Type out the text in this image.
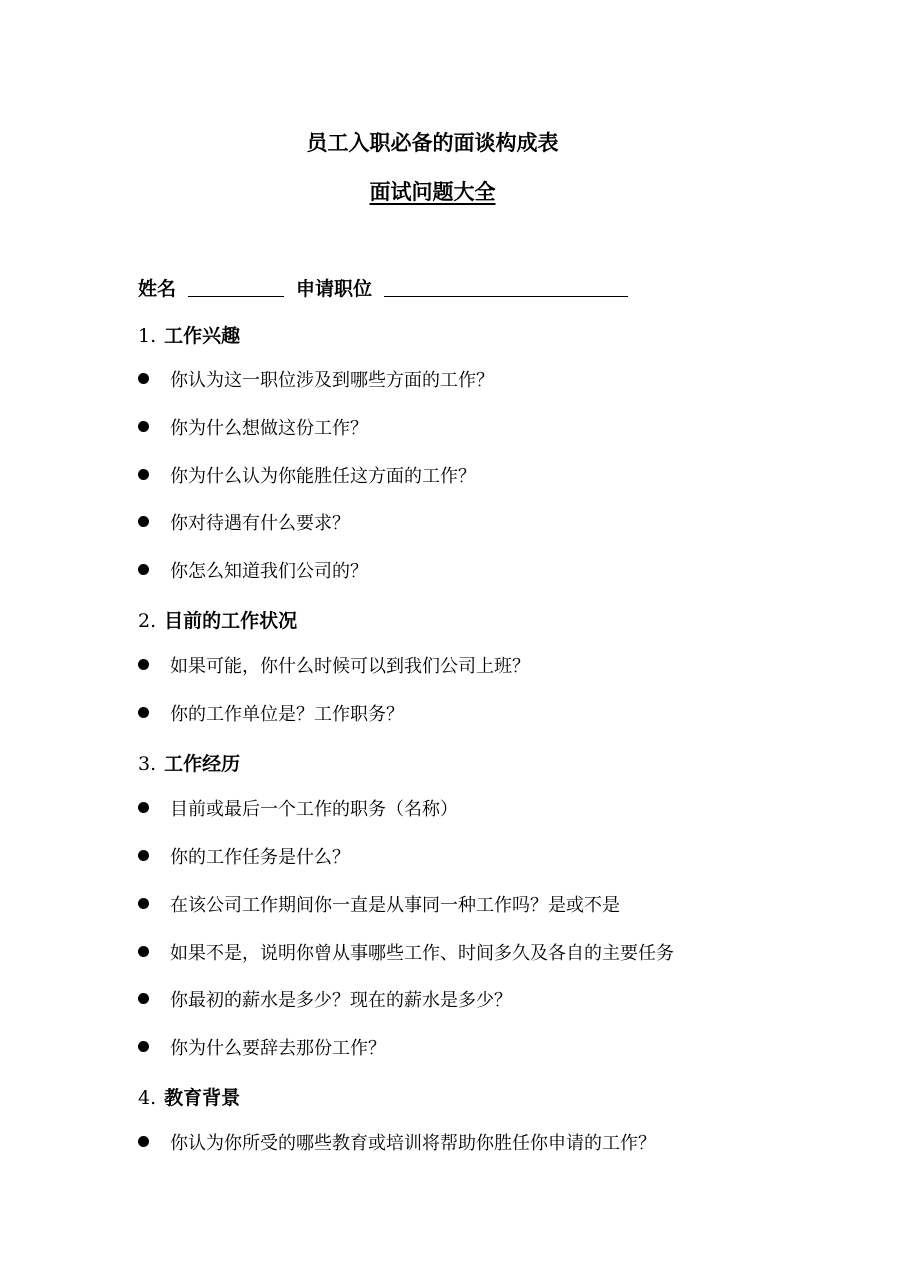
员工入职必备的面谈构成表
面试问题大全
姓名	申请职位
1. 工作兴趣
你认为这一职位涉及到哪些方面的工作？
你为什么想做这份工作？
你为什么认为你能胜任这方面的工作？
你对待遇有什么要求？
你怎么知道我们公司的？
2. 目前的工作状况
如果可能，你什么时候可以到我们公司上班？
你的工作单位是？工作职务？
3. 工作经历
目前或最后一个工作的职务（名称）
你的工作任务是什么？
在该公司工作期间你一直是从事同一种工作吗？是或不是
如果不是，说明你曾从事哪些工作、时间多久及各自的主要任务
你最初的薪水是多少？现在的薪水是多少？
你为什么要辞去那份工作？
4. 教育背景
你认为你所受的哪些教育或培训将帮助你胜任你申请的工作？
